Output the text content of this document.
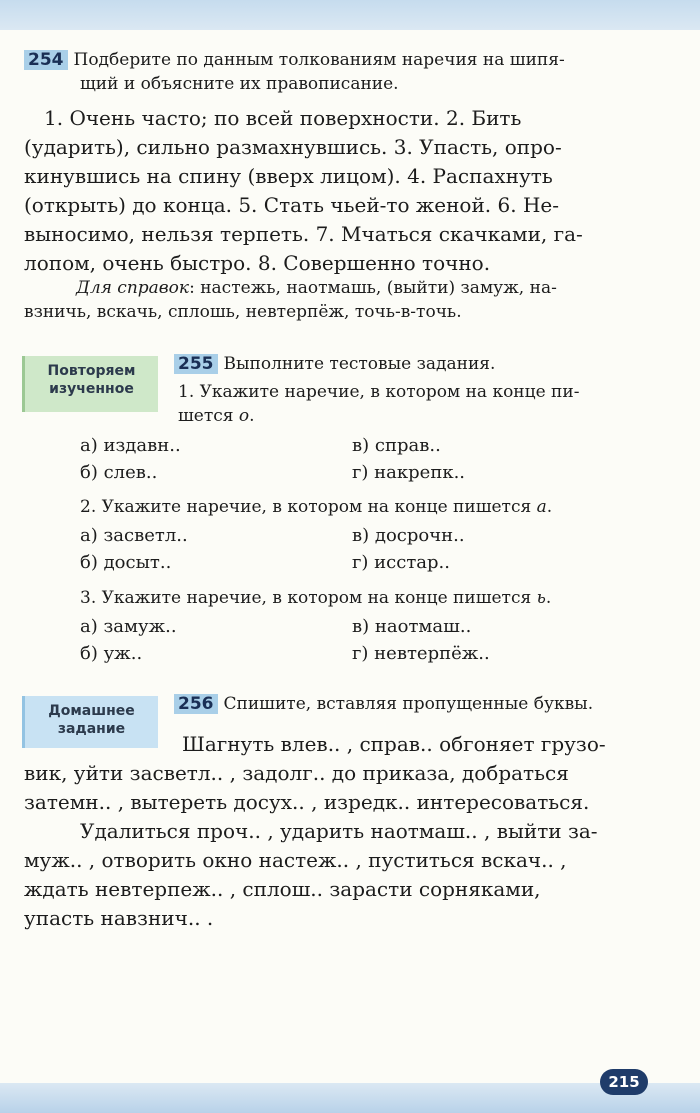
254 Подберите по данным толкованиям наречия на шипя-

щий и объясните их правописание.

1. Очень часто; по всей поверхности. 2. Бить

(ударить), сильно размахнувшись. 3. Упасть, опро-

кинувшись на спину (вверх лицом). 4. Распахнуть

(открыть) до конца. 5. Стать чьей-то женой. 6. Не-

выносимо, нельзя терпеть. 7. Мчаться скачками, га-

лопом, очень быстро. 8. Совершенно точно.

Для справок: настежь, наотмашь, (выйти) замуж, на-

взничь, вскачь, сплошь, невтерпёж, точь-в-точь.

Повторяем
изученное

255 Выполните тестовые задания.

1. Укажите наречие, в котором на конце пи-

шется о.

а) издавн..	в) справ..

б) слев..	г) накрепк..

2. Укажите наречие, в котором на конце пишется а.

а) засветл..	в) досрочн..

б) досыт..	г) исстар..

3. Укажите наречие, в котором на конце пишется ь.

а) замуж..	в) наотмаш..

б) уж..	г) невтерпёж..

Домашнее
задание

256 Спишите, вставляя пропущенные буквы.

Шагнуть влев.. , справ.. обгоняет грузо-

вик, уйти засветл.. , задолг.. до приказа, добраться

затемн.. , вытереть досух.. , изредк.. интересоваться.

Удалиться проч.. , ударить наотмаш.. , выйти за-

муж.. , отворить окно настеж.. , пуститься вскач.. ,

ждать невтерпеж.. , сплош.. зарасти сорняками,

упасть навзнич.. .

215
